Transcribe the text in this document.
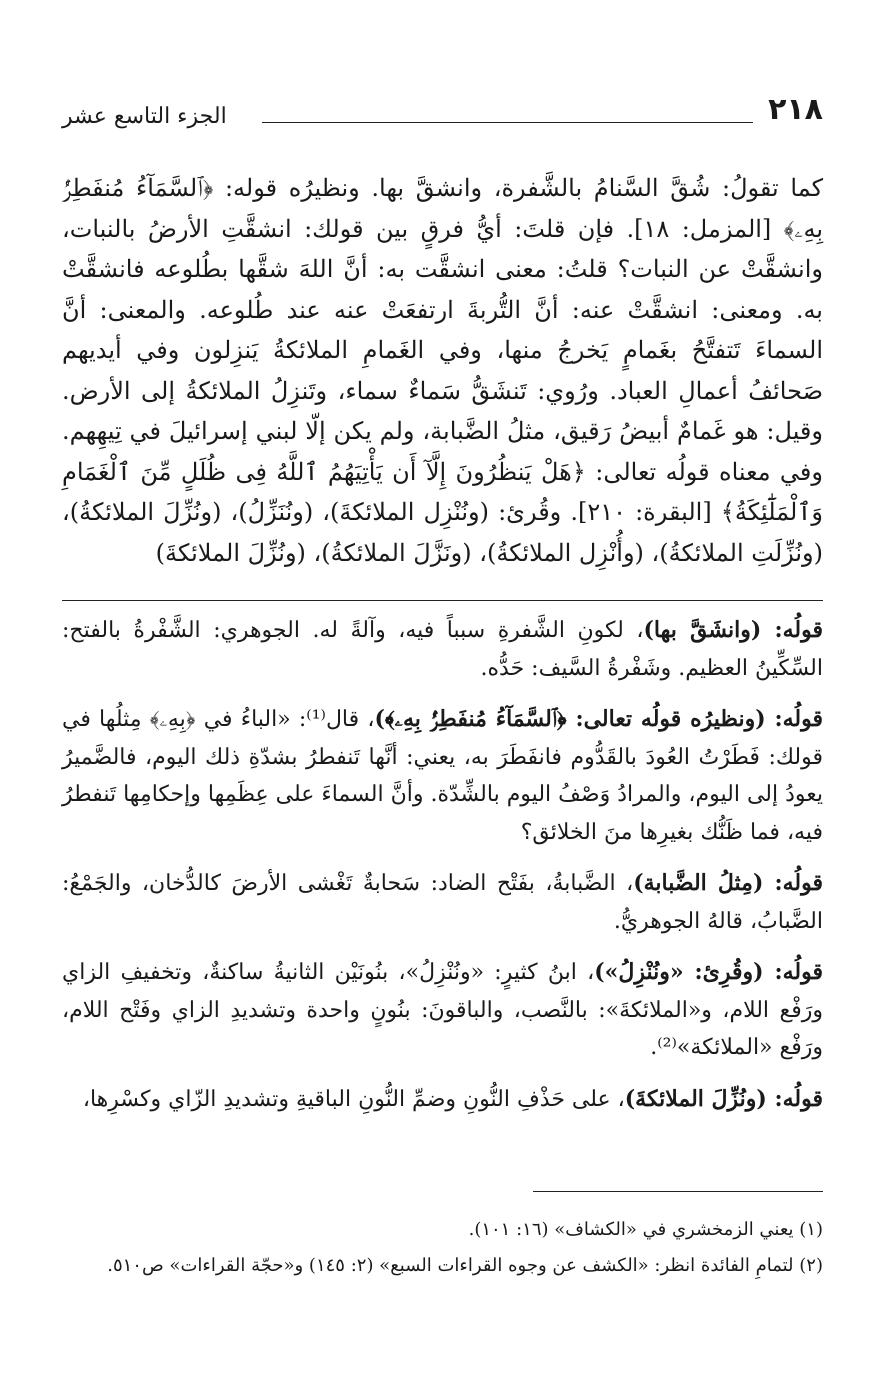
٢١٨
الجزء التاسع عشر

كما تقولُ: شُقَّ السَّنامُ بالشَّفرة، وانشقَّ بها. ونظيرُه قوله: ﴿ٱلسَّمَآءُ مُنفَطِرُۢ بِهِۦ﴾ [المزمل: ١٨]. فإن قلتَ: أيُّ فرقٍ بين قولك: انشقَّتِ الأرضُ بالنبات، وانشقَّتْ عن النبات؟ قلتُ: معنى انشقَّت به: أنَّ اللهَ شقَّها بطُلوعه فانشقَّتْ به. ومعنى: انشقَّتْ عنه: أنَّ التُّربةَ ارتفعَتْ عنه عند طُلوعه. والمعنى: أنَّ السماءَ تَتفتَّحُ بغَمامٍ يَخرجُ منها، وفي الغَمامِ الملائكةُ يَنزِلون وفي أيديهم صَحائفُ أعمالِ العباد. ورُوي: تَنشَقُّ سَماءٌ سماء، وتَنزِلُ الملائكةُ إلى الأرض. وقيل: هو غَمامٌ أبيضُ رَقيق، مثلُ الضَّبابة، ولم يكن إلّا لبني إسرائيلَ في تِيهِهم. وفي معناه قولُه تعالى: ﴿هَلْ يَنظُرُونَ إِلَّآ أَن يَأْتِيَهُمُ ٱللَّهُ فِى ظُلَلٍ مِّنَ ٱلْغَمَامِ وَٱلْمَلَٰٓئِكَةُ﴾ [البقرة: ٢١٠]. وقُرئ: (ونُنْزِل الملائكةَ)، (ونُنَزِّلُ)، (ونُزِّلَ الملائكةُ)، (ونُزِّلَتِ الملائكةُ)، (وأُنْزِل الملائكةُ)، (ونَزَّلَ الملائكةُ)، (ونُزِّلَ الملائكةَ)

قولُه: (وانشَقَّ بها)، لكونِ الشَّفرةِ سبباً فيه، وآلةً له. الجوهري: الشَّفْرةُ بالفتح: السِّكِّينُ العظيم. وشَفْرةُ السَّيف: حَدُّه.

قولُه: (ونظيرُه قولُه تعالى: ﴿ٱلسَّمَآءُ مُنفَطِرُۢ بِهِۦ﴾)، قال⁽¹⁾: «الباءُ في ﴿بِهِۦ﴾ مِثلُها في قولك: فَطَرْتُ العُودَ بالقَدُّوم فانفَطَرَ به، يعني: أنَّها تَنفطرُ بشدّةِ ذلك اليوم، فالضَّميرُ يعودُ إلى اليوم، والمرادُ وَصْفُ اليوم بالشِّدّة. وأنَّ السماءَ على عِظَمِها وإحكامِها تَنفطرُ فيه، فما ظَنُّك بغيرِها منَ الخلائق؟

قولُه: (مِثلُ الضَّبابة)، الضَّبابةُ، بفَتْح الضاد: سَحابةٌ تَغْشى الأرضَ كالدُّخان، والجَمْعُ: الضَّبابُ، قالهُ الجوهريُّ.

قولُه: (وقُرِئ: «ونُنْزِلُ»)، ابنُ كثيرٍ: «ونُنْزِلُ»، بنُونَيْن الثانيةُ ساكنةٌ، وتخفيفِ الزاي ورَفْع اللام، و«الملائكةَ»: بالنَّصب، والباقونَ: بنُونٍ واحدة وتشديدِ الزاي وفَتْح اللام، ورَفْع «الملائكة»⁽²⁾.

قولُه: (ونُزِّلَ الملائكةَ)، على حَذْفِ النُّونِ وضمِّ النُّونِ الباقيةِ وتشديدِ الزّاي وكسْرِها،

(١) يعني الزمخشري في «الكشاف» (١٦: ١٠١).

(٢) لتمامِ الفائدة انظر: «الكشف عن وجوه القراءات السبع» (٢: ١٤٥) و«حجّة القراءات» ص٥١٠.
